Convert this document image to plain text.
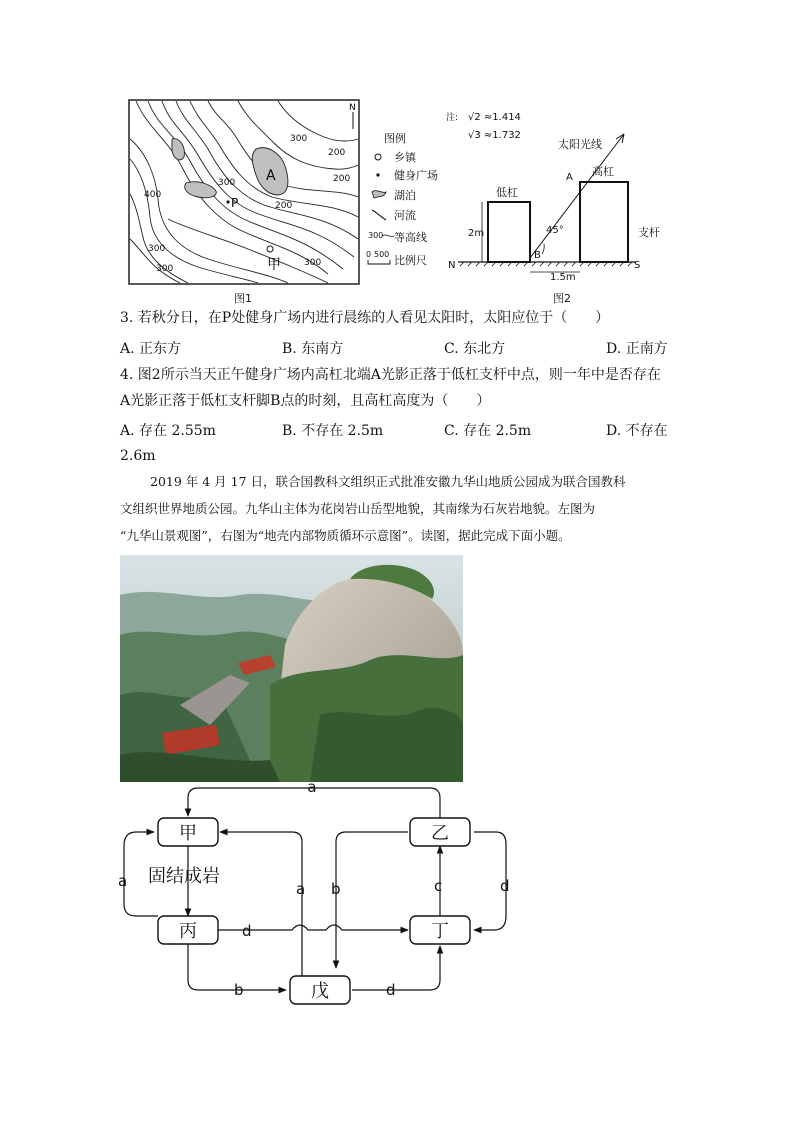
A
P
甲
N
300
200
400
300
200
300
300
300
200
图例
乡镇
健身广场
湖泊
河流
300 等高线
0 500 比例尺
图1
注: √2 ≈1.414
√3 ≈1.732
太阳光线
高杠
低杠
A
2m	45°
B
支杆
N	S
1.5m
图2
3. 若秋分日，在P处健身广场内进行晨练的人看见太阳时，太阳应位于（　　）
A. 正东方	B. 东南方	C. 东北方	D. 正南方
4. 图2所示当天正午健身广场内高杠北端A光影正落于低杠支杆中点，则一年中是否存在
A光影正落于低杠支杆脚B点的时刻，且高杠高度为（　　）
A. 存在 2.55m	B. 不存在 2.5m	C. 存在 2.5m	D. 不存在
2.6m
2019 年 4 月 17 日，联合国教科文组织正式批准安徽九华山地质公园成为联合国教科
文组织世界地质公园。九华山主体为花岗岩山岳型地貌，其南缘为石灰岩地貌。左图为
“九华山景观图”，右图为“地壳内部物质循环示意图”。读图，据此完成下面小题。
甲	乙
丙	丁
戊
固结成岩
a
a	a b	c	d
d
b	d
